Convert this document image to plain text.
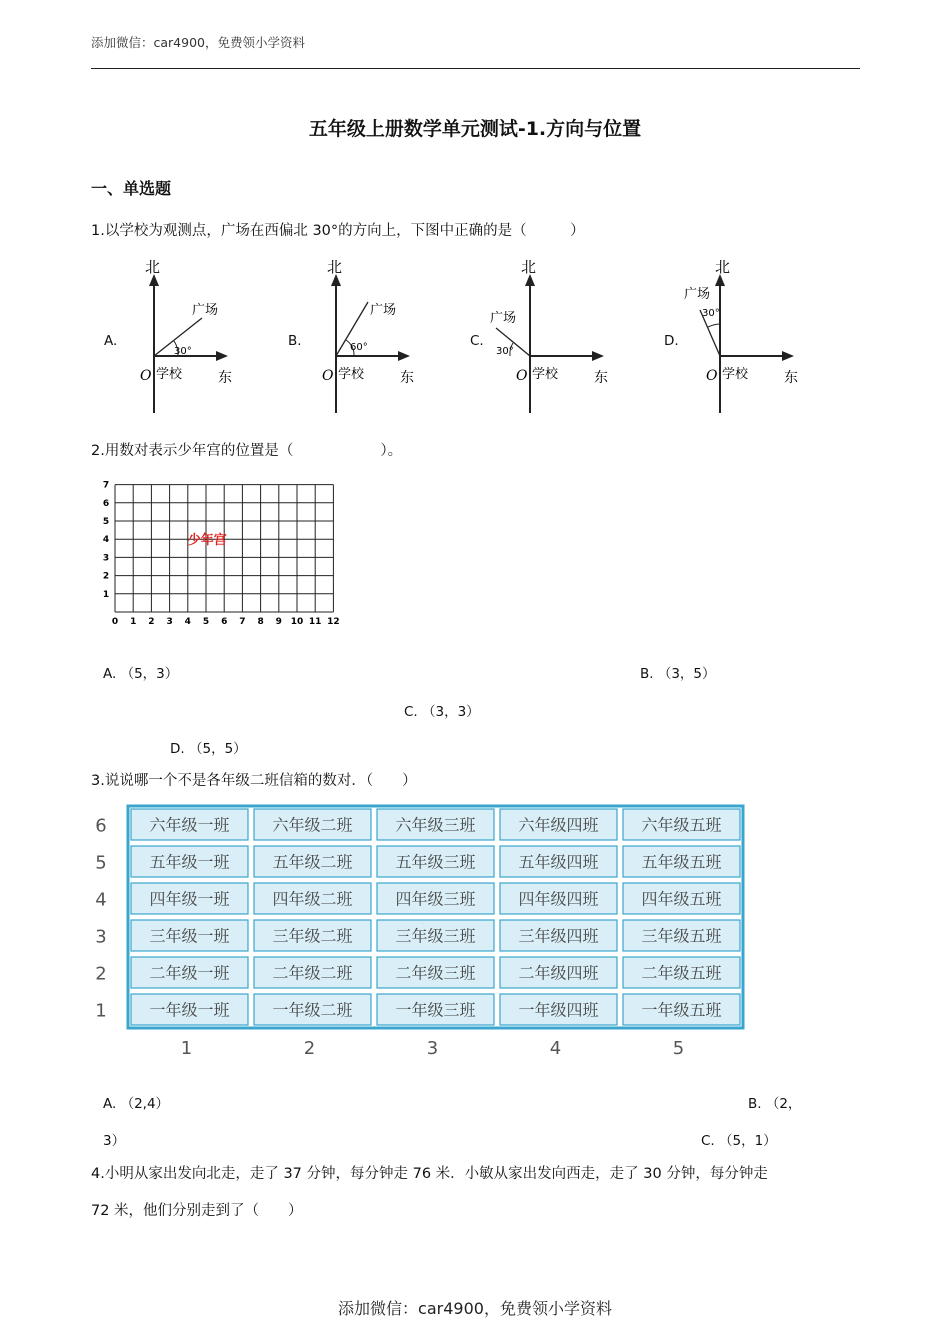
添加微信：car4900，免费领小学资料
五年级上册数学单元测试-1.方向与位置
一、单选题
1.以学校为观测点，广场在西偏北 30°的方向上，下图中正确的是（　　　）
A.	B.	C.	D.
北
广场
30°
O 学校	东
北
广场
60°
O 学校	东
北
广场
30°
O 学校	东
北
广场
30°
O 学校	东
2.用数对表示少年宫的位置是（　　　　　　）。
0 1 2 3 4 5 6 7 8 9 10 11 12
1
2
3
4
5
6
7
少年宫
A. （5，3）	B. （3，5）
C. （3，3）
D. （5，5）
3.说说哪一个不是各年级二班信箱的数对．（　　）
六年级一班	六年级二班	六年级三班	六年级四班	六年级五班
五年级一班	五年级二班	五年级三班	五年级四班	五年级五班
四年级一班	四年级二班	四年级三班	四年级四班	四年级五班
三年级一班	三年级二班	三年级三班	三年级四班	三年级五班
二年级一班	二年级二班	二年级三班	二年级四班	二年级五班
一年级一班	一年级二班	一年级三班	一年级四班	一年级五班
6
5
4
3
2
1
1	2	3	4	5
A. （2,4）	B. （2，
3）	C. （5，1）
4.小明从家出发向北走，走了 37 分钟，每分钟走 76 米．小敏从家出发向西走，走了 30 分钟，每分钟走
72 米，他们分别走到了（　　）
添加微信：car4900，免费领小学资料
